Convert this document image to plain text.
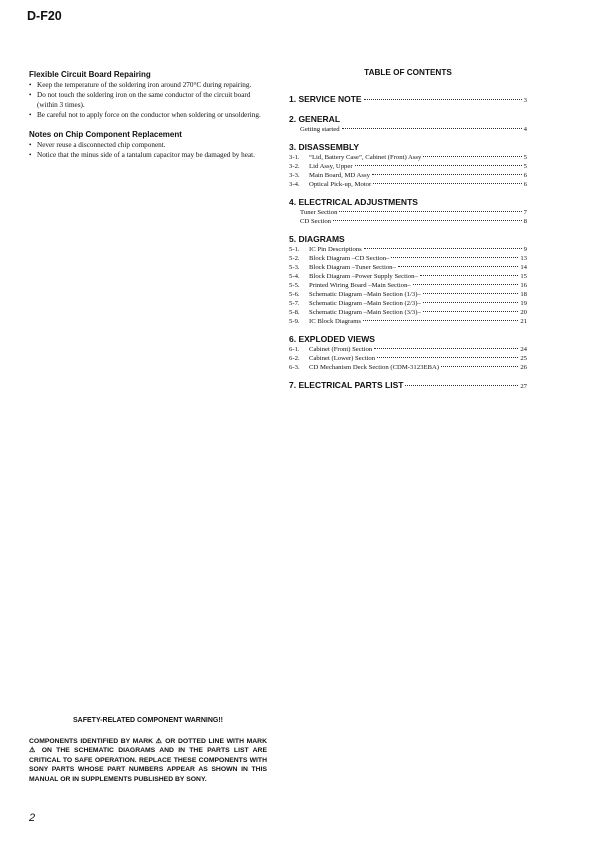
D-F20

Flexible Circuit Board Repairing

• Keep the temperature of the soldering iron around 270°C during repairing.
• Do not touch the soldering iron on the same conductor of the circuit board (within 3 times).
• Be careful not to apply force on the conductor when soldering or unsoldering.

Notes on Chip Component Replacement

• Never reuse a disconnected chip component.
• Notice that the minus side of a tantalum capacitor may be damaged by heat.
TABLE OF CONTENTS
1. SERVICE NOTE	3
2. GENERAL
Getting started	4
3. DISASSEMBLY
3-1.	“Lid, Battery Case”, Cabinet (Front) Assy	5
3-2.	Lid Assy, Upper	5
3-3.	Main Board, MD Assy	6
3-4.	Optical Pick-up, Motor	6
4. ELECTRICAL ADJUSTMENTS
Tuner Section	7
CD Section	8
5. DIAGRAMS
5-1.	IC Pin Descriptions	9
5-2.	Block Diagram –CD Section–	13
5-3.	Block Diagram –Tuner Section–	14
5-4.	Block Diagram –Power Supply Section–	15
5-5.	Printed Wiring Board –Main Section–	16
5-6.	Schematic Diagram –Main Section (1/3)–	18
5-7.	Schematic Diagram –Main Section (2/3)–	19
5-8.	Schematic Diagram –Main Section (3/3)–	20
5-9.	IC Block Diagrams	21
6. EXPLODED VIEWS
6-1.	Cabinet (Front) Section	24
6-2.	Cabinet (Lower) Section	25
6-3.	CD Mechanism Deck Section (CDM-3123EBA)	26
7. ELECTRICAL PARTS LIST	27
SAFETY-RELATED COMPONENT WARNING!!
COMPONENTS IDENTIFIED BY MARK ⚠ OR DOTTED LINE WITH MARK ⚠ ON THE SCHEMATIC DIAGRAMS AND IN THE PARTS LIST ARE CRITICAL TO SAFE OPERATION. REPLACE THESE COMPONENTS WITH SONY PARTS WHOSE PART NUMBERS APPEAR AS SHOWN IN THIS MANUAL OR IN SUPPLEMENTS PUBLISHED BY SONY.
2
